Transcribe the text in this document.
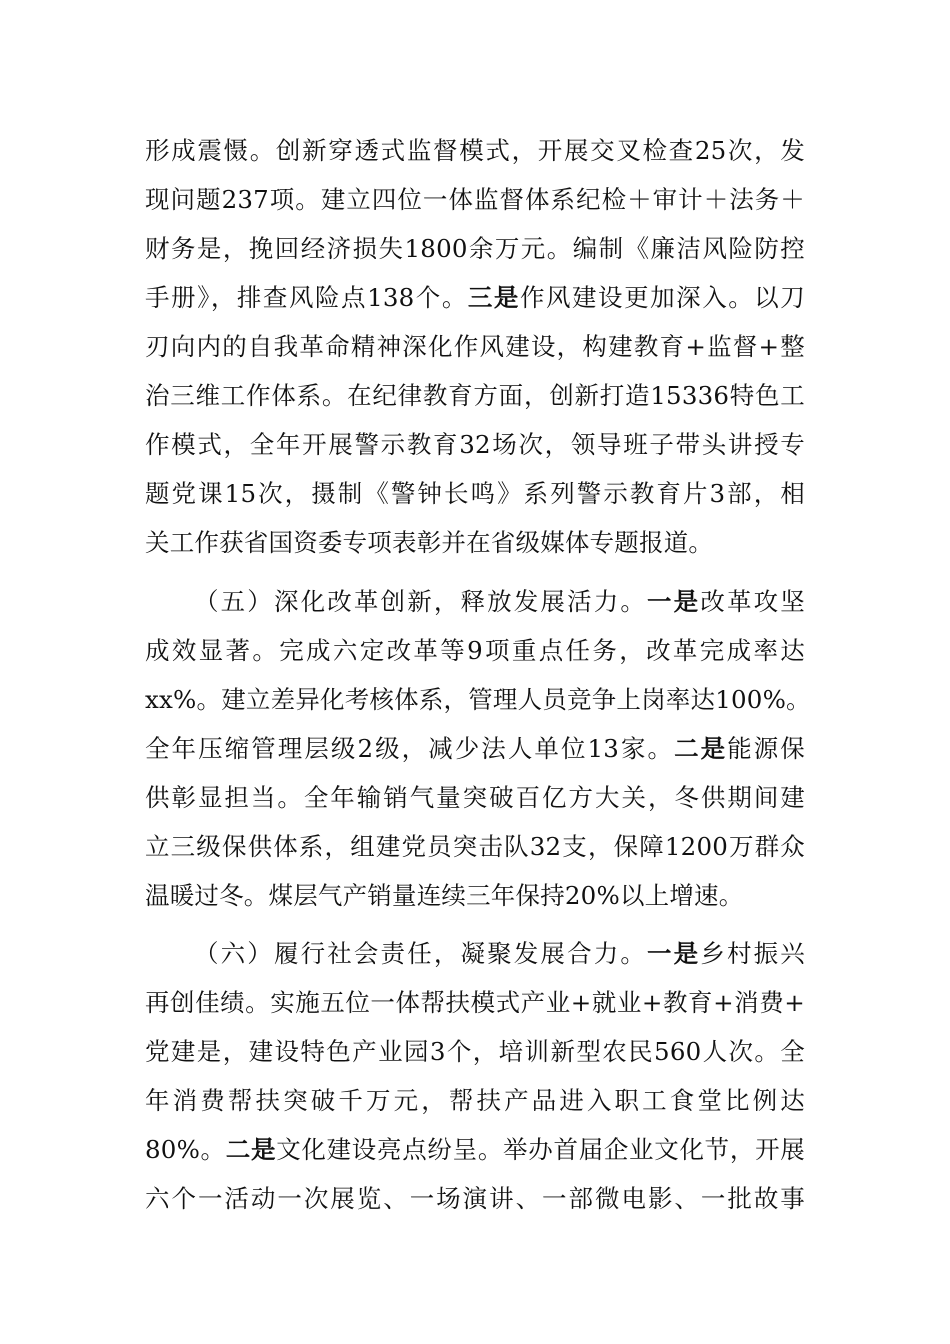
形成震慑。创新穿透式监督模式，开展交叉检查25次，发
现问题237项。建立四位一体监督体系纪检＋审计＋法务＋
财务是，挽回经济损失1800余万元。编制《廉洁风险防控
手册》，排查风险点138个。三是作风建设更加深入。以刀
刃向内的自我革命精神深化作风建设，构建教育+监督+整
治三维工作体系。在纪律教育方面，创新打造15336特色工
作模式，全年开展警示教育32场次，领导班子带头讲授专
题党课15次，摄制《警钟长鸣》系列警示教育片3部，相
关工作获省国资委专项表彰并在省级媒体专题报道。
（五）深化改革创新，释放发展活力。一是改革攻坚
成效显著。完成六定改革等9项重点任务，改革完成率达
xx%。建立差异化考核体系，管理人员竞争上岗率达100%。
全年压缩管理层级2级，减少法人单位13家。二是能源保
供彰显担当。全年输销气量突破百亿方大关，冬供期间建
立三级保供体系，组建党员突击队32支，保障1200万群众
温暖过冬。煤层气产销量连续三年保持20%以上增速。
（六）履行社会责任，凝聚发展合力。一是乡村振兴
再创佳绩。实施五位一体帮扶模式产业+就业+教育+消费+
党建是，建设特色产业园3个，培训新型农民560人次。全
年消费帮扶突破千万元，帮扶产品进入职工食堂比例达
80%。二是文化建设亮点纷呈。举办首届企业文化节，开展
六个一活动一次展览、一场演讲、一部微电影、一批故事
